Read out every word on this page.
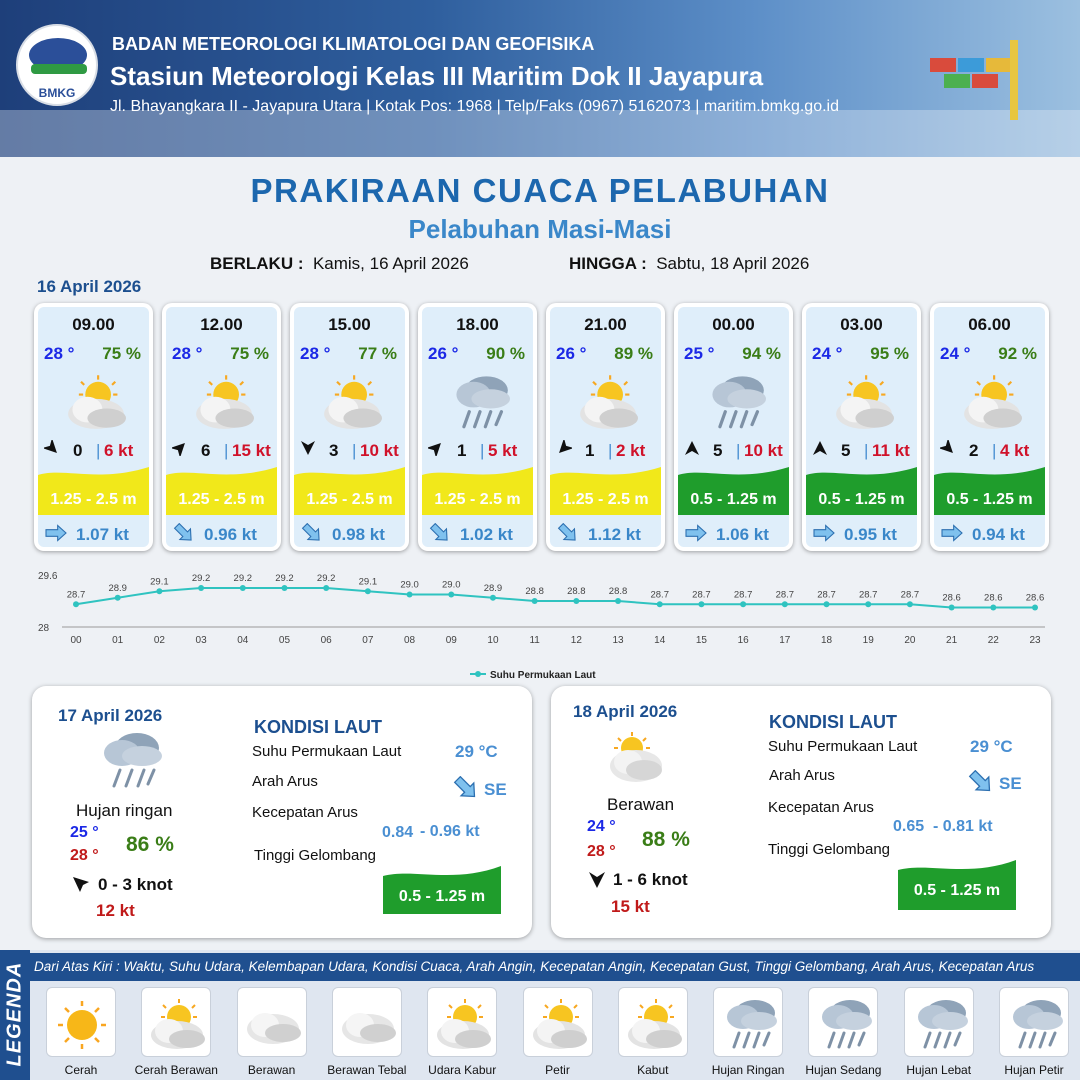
BMKG
BADAN METEOROLOGI KLIMATOLOGI DAN GEOFISIKA
Stasiun Meteorologi Kelas III Maritim Dok II Jayapura
Jl. Bhayangkara II - Jayapura Utara | Kotak Pos: 1968 | Telp/Faks (0967) 5162073 | maritim.bmkg.go.id
PRAKIRAAN CUACA PELABUHAN
Pelabuhan Masi-Masi
BERLAKU : Kamis, 16 April 2026	HINGGA : Sabtu, 18 April 2026
16 April 2026
09.00
28 ° 75 %
0 | 6 kt
1.25 - 2.5 m
1.07 kt
12.00
28 ° 75 %
6 | 15 kt
1.25 - 2.5 m
0.96 kt
15.00
28 ° 77 %
3 | 10 kt
1.25 - 2.5 m
0.98 kt
18.00
26 ° 90 %
1 | 5 kt
1.25 - 2.5 m
1.02 kt
21.00
26 ° 89 %
1 | 2 kt
1.25 - 2.5 m
1.12 kt
00.00
25 ° 94 %
5 | 10 kt
0.5 - 1.25 m
1.06 kt
03.00
24 ° 95 %
5 | 11 kt
0.5 - 1.25 m
0.95 kt
06.00
24 ° 92 %
2 | 4 kt
0.5 - 1.25 m
0.94 kt
28
29.6
00	01	02	03	04	05	06	07	08	09	10	11	12	13	14	15	16	17	18	19	20	21	22	23
28.7
28.9
29.1 29.2 29.2 29.2 29.2 29.1 29.0 29.0 28.9 28.8 28.8 28.8 28.7 28.7 28.7 28.7 28.7 28.7 28.7 28.6 28.6 28.6
Suhu Permukaan Laut
17 April 2026
Hujan ringan
25 °
28 ° 86 %
0 - 3 knot
12 kt
KONDISI LAUT
Suhu Permukaan Laut	29 °C
Arah Arus	SE
Kecepatan Arus
0.84 - 0.96 kt
Tinggi Gelombang
0.5 - 1.25 m
18 April 2026
Berawan
24 °
28 °
88 %
1 - 6 knot
15 kt
KONDISI LAUT
Suhu Permukaan Laut	29 °C
Arah Arus	SE
Kecepatan Arus
0.65 - 0.81 kt
Tinggi Gelombang
0.5 - 1.25 m
LEGENDA Dari Atas Kiri : Waktu, Suhu Udara, Kelembapan Udara, Kondisi Cuaca, Arah Angin, Kecepatan Angin, Kecepatan Gust, Tinggi Gelombang, Arah Arus, Kecepatan Arus
Cerah	Cerah Berawan	Berawan	Berawan Tebal	Udara Kabur	Petir	Kabut	Hujan Ringan	Hujan Sedang	Hujan Lebat	Hujan Petir
